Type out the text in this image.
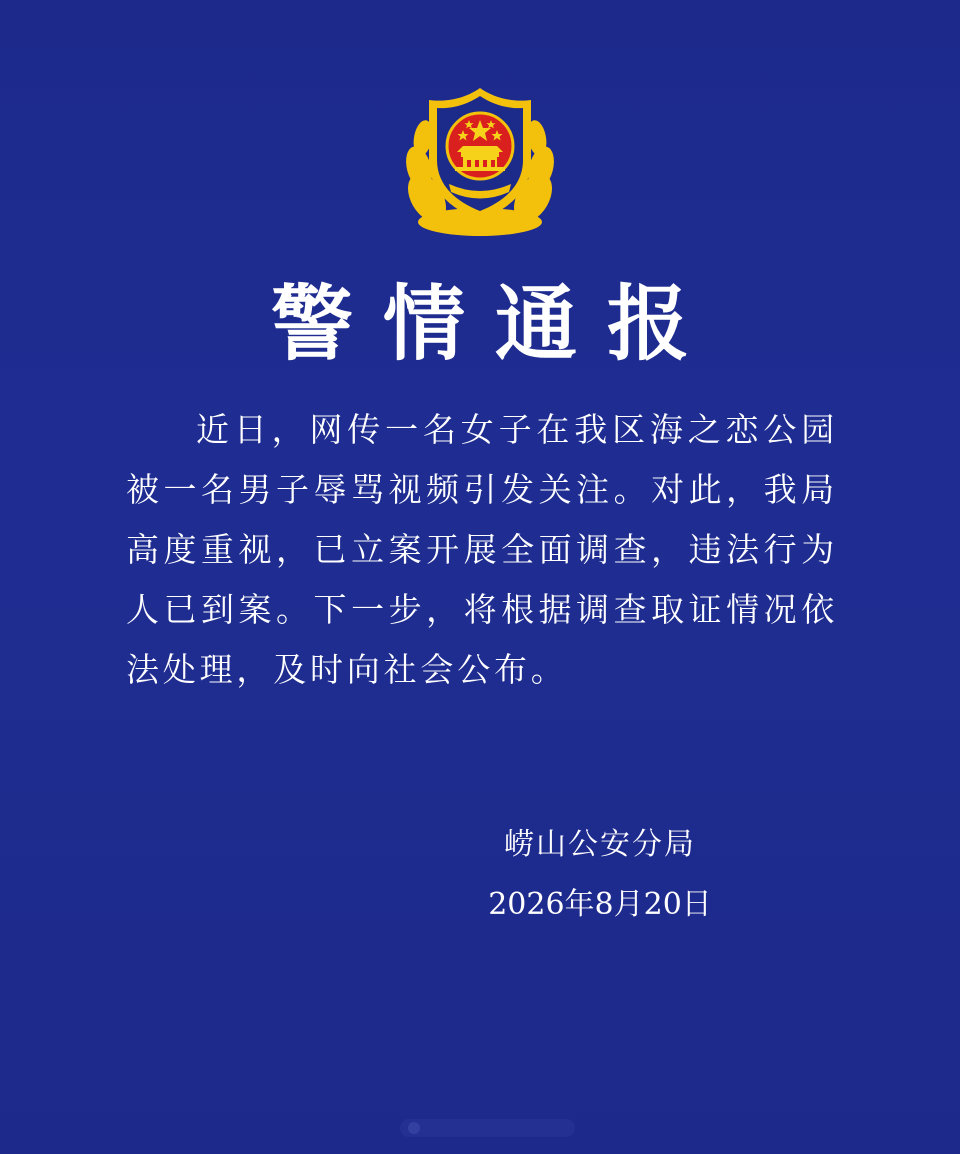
警情通报

近日，网传一名女子在我区海之恋公园被一名男子辱骂视频引发关注。对此，我局高度重视，已立案开展全面调查，违法行为人已到案。下一步，将根据调查取证情况依法处理，及时向社会公布。

崂山公安分局
2026年8月20日
